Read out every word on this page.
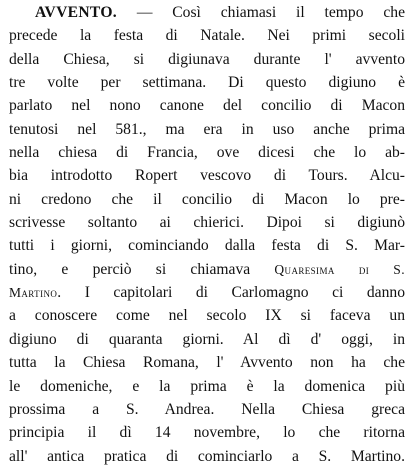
AVVENTO. — Così chiamasi il tempo che
precede la festa di Natale. Nei primi secoli
della Chiesa, si digiunava durante l' avvento
tre volte per settimana. Di questo digiuno è
parlato nel nono canone del concilio di Macon
tenutosi nel 581., ma era in uso anche prima
nella chiesa di Francia, ove dicesi che lo ab-
bia introdotto Ropert vescovo di Tours. Alcu-
ni credono che il concilio di Macon lo pre-
scrivesse soltanto ai chierici. Dipoi si digiunò
tutti i giorni, cominciando dalla festa di S. Mar-
tino, e perciò si chiamava Quaresima di S.
Martino. I capitolari di Carlomagno ci danno
a conoscere come nel secolo IX si faceva un
digiuno di quaranta giorni. Al dì d' oggi, in
tutta la Chiesa Romana, l' Avvento non ha che
le domeniche, e la prima è la domenica più
prossima a S. Andrea. Nella Chiesa greca
principia il dì 14 novembre, lo che ritorna
all' antica pratica di cominciarlo a S. Martino.
